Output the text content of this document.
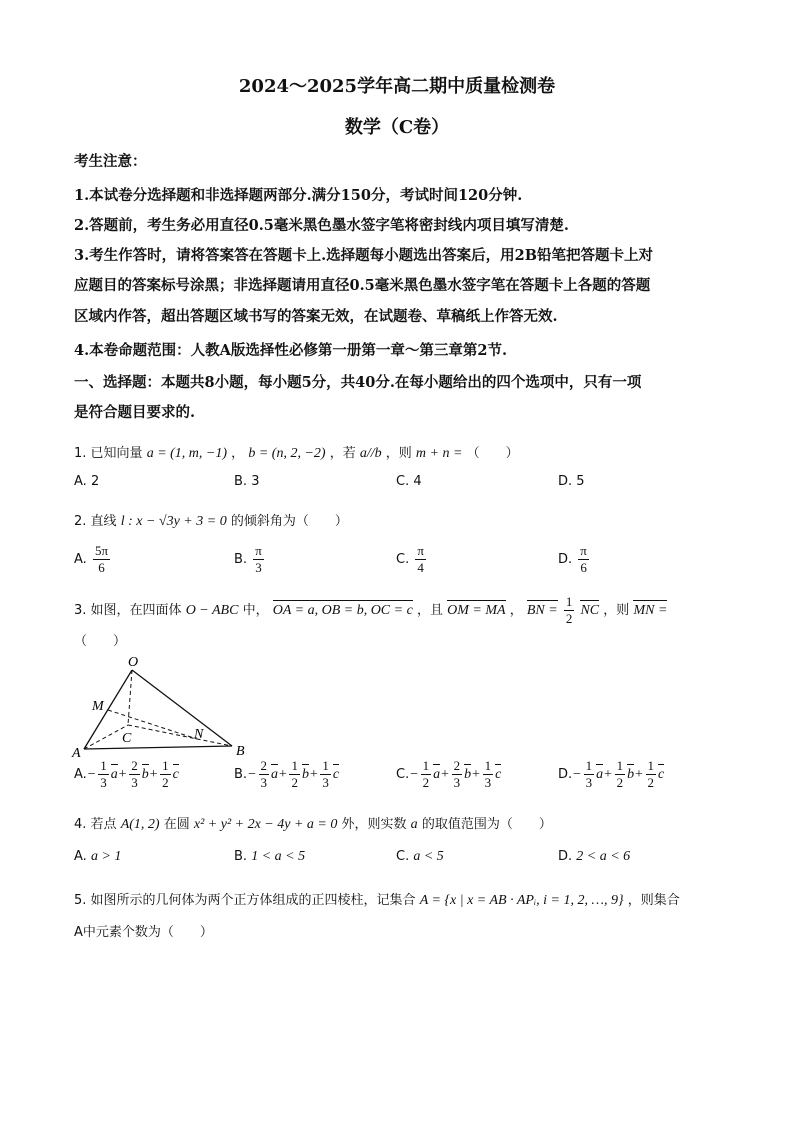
2024～2025学年高二期中质量检测卷
数学（C卷）
考生注意：
1.本试卷分选择题和非选择题两部分.满分150分，考试时间120分钟.
2.答题前，考生务必用直径0.5毫米黑色墨水签字笔将密封线内项目填写清楚.
3.考生作答时，请将答案答在答题卡上.选择题每小题选出答案后，用2B铅笔把答题卡上对
应题目的答案标号涂黑；非选择题请用直径0.5毫米黑色墨水签字笔在答题卡上各题的答题
区域内作答，超出答题区域书写的答案无效，在试题卷、草稿纸上作答无效.
4.本卷命题范围：人教A版选择性必修第一册第一章～第三章第2节.
一、选择题：本题共8小题，每小题5分，共40分.在每小题给出的四个选项中，只有一项
是符合题目要求的.
1. 已知向量 a = (1, m, −1) ， b = (n, 2, −2) ，若 a//b ，则 m + n = （　　）
A. 2	B. 3	C. 4	D. 5
2. 直线 l : x − √3y + 3 = 0 的倾斜角为（　　）
A. $\frac{5\pi}{6}$	B. $\frac{\pi}{3}$	C. $\frac{\pi}{4}$	D. $\frac{\pi}{6}$
3. 如图，在四面体 O − ABC 中， OA = a, OB = b, OC = c ，且 OM = MA ， BN = $\frac{1}{2}$ NC ，则 MN =
（　　）
O
M
C	N
A	B
$A.- \frac{1}{3} a+ \frac{2}{3} b+ \frac{1}{2}$ c	$B.- \frac{2}{3} a+ \frac{1}{2} b+ \frac{1}{3}$ c	$C.- \frac{1}{2} a+ \frac{2}{3} b+ \frac{1}{3}$ c	$D.- \frac{1}{3} a+ \frac{1}{2} b+ \frac{1}{2}$ c
4. 若点 A(1, 2) 在圆 x² + y² + 2x − 4y + a = 0 外，则实数 a 的取值范围为（　　）
A. a > 1	B. 1 < a < 5	C. a < 5	D. 2 < a < 6
5. 如图所示的几何体为两个正方体组成的正四棱柱，记集合 A = {x | x = AB · APᵢ, i = 1, 2, …, 9} ，则集合
A中元素个数为（　　）
